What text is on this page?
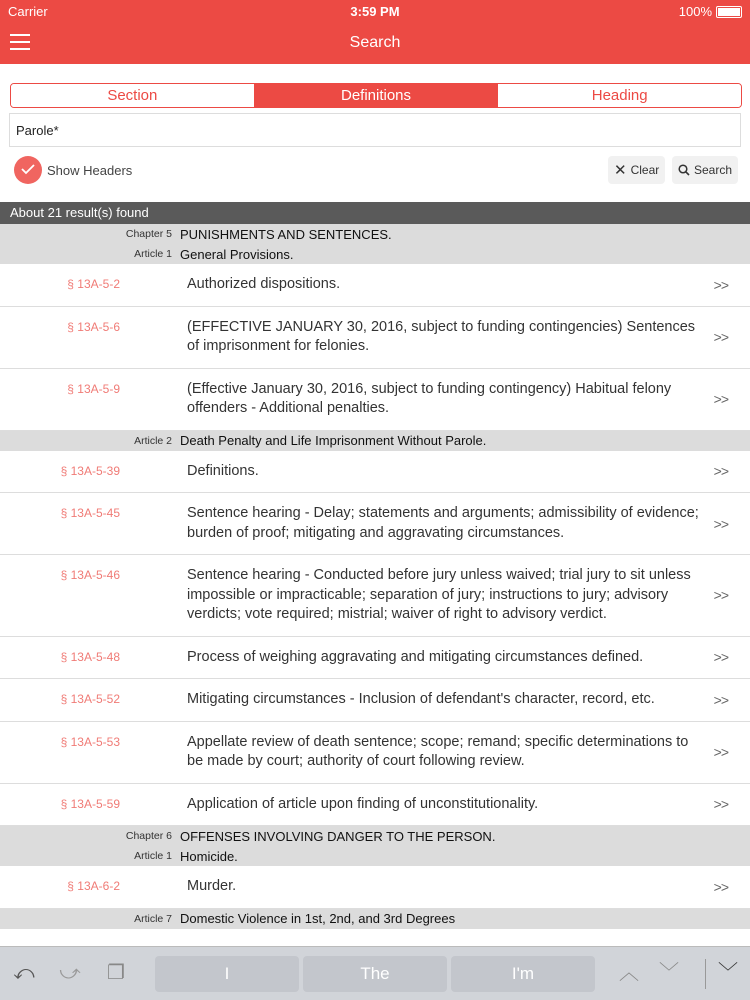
Carrier	3:59 PM	100%
Search
Section	Definitions	Heading
Parole*
Show Headers	✕ Clear	Search
About 21 result(s) found
Chapter 5 PUNISHMENTS AND SENTENCES.
Article 1 General Provisions.
§ 13A-5-2	Authorized dispositions.	>>
§ 13A-5-6	(EFFECTIVE JANUARY 30, 2016, subject to funding contingencies) Sentences of imprisonment for felonies.
>>
§ 13A-5-9	(Effective January 30, 2016, subject to funding contingency) Habitual felony offenders - Additional penalties.
>>
Article 2 Death Penalty and Life Imprisonment Without Parole.
§ 13A-5-39	Definitions.	>>
§ 13A-5-45	Sentence hearing - Delay; statements and arguments; admissibility of evidence; burden of proof; mitigating and aggravating circumstances.
>>
§ 13A-5-46	Sentence hearing - Conducted before jury unless waived; trial jury to sit unless impossible or impracticable; separation of jury; instructions to jury; advisory verdicts; vote required; mistrial; waiver of right to advisory verdict.
>>
§ 13A-5-48	Process of weighing aggravating and mitigating circumstances defined.	>>
§ 13A-5-52	Mitigating circumstances - Inclusion of defendant's character, record, etc.	>>
§ 13A-5-53	Appellate review of death sentence; scope; remand; specific determinations to be made by court; authority of court following review.
>>
§ 13A-5-59	Application of article upon finding of unconstitutionality.	>>
Chapter 6 OFFENSES INVOLVING DANGER TO THE PERSON.
Article 1 Homicide.
§ 13A-6-2	Murder.	>>
Article 7 Domestic Violence in 1st, 2nd, and 3rd Degrees
⤺ ⤻ ❐	I	The	I'm	︿ ﹀ ﹀
